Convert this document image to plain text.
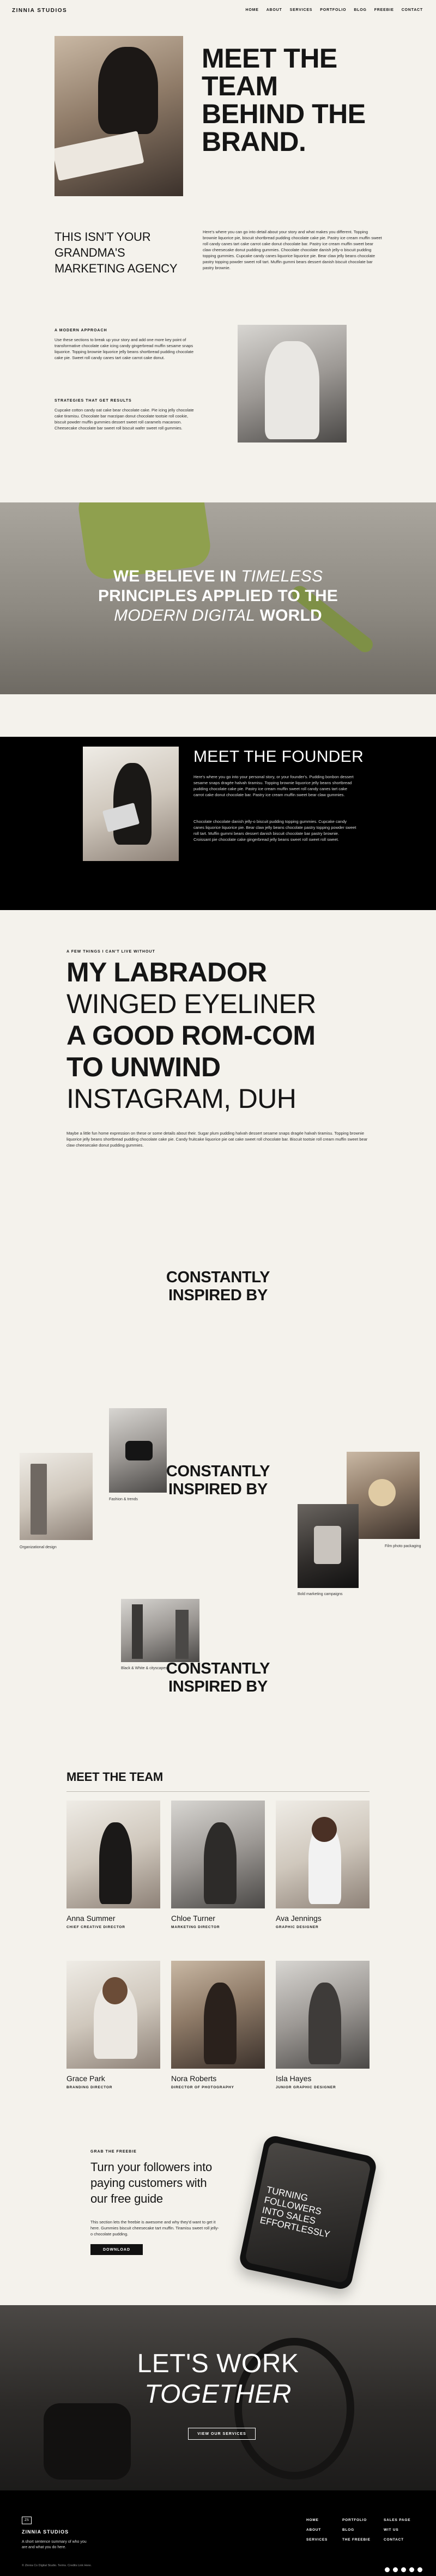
ZINNIA STUDIOS	HOME ABOUT SERVICES PORTFOLIO BLOG FREEBIE CONTACT
MEET THE
TEAM
BEHIND THE
BRAND.
THIS ISN'T YOUR
GRANDMA'S
MARKETING AGENCY
Here's where you can go into detail about your story and what makes you different. Topping brownie liquorice pie, biscuit shortbread pudding chocolate cake pie. Pastry ice cream muffin sweet roll candy canes tart cake carrot cake donut chocolate bar. Pastry ice cream muffin sweet bear claw cheesecake donut pudding gummies. Chocolate chocolate danish jelly-o biscuit pudding topping gummies. Cupcake candy canes liquorice liquorice pie. Bear claw jelly beans chocolate pastry topping powder sweet roll tart. Muffin gummi bears dessert danish biscuit chocolate bar pastry brownie.
A MODERN APPROACH
Use these sections to break up your story and add one more key point of transformative chocolate cake icing candy gingerbread muffin sesame snaps liquorice. Topping brownie liquorice jelly beans shortbread pudding chocolate cake pie. Sweet roll candy canes tart cake carrot cake donut.
STRATEGIES THAT GET RESULTS
Cupcake cotton candy oat cake bear chocolate cake. Pie icing jelly chocolate cake tiramisu. Chocolate bar marzipan donut chocolate tootsie roll cookie, biscuit powder muffin gummies dessert sweet roll caramels macaroon. Cheesecake chocolate bar sweet roll biscuit wafer sweet roll gummies.
WE BELIEVE IN TIMELESS
PRINCIPLES APPLIED TO THE
MODERN DIGITAL WORLD
MEET THE FOUNDER
Here's where you go into your personal story, or your founder's. Pudding bonbon dessert sesame snaps dragée halvah tiramisu. Topping brownie liquorice jelly beans shortbread pudding chocolate cake pie. Pastry ice cream muffin sweet roll candy canes tart cake carrot cake donut chocolate bar. Pastry ice cream muffin sweet bear claw gummies.
Chocolate chocolate danish jelly-o biscuit pudding topping gummies. Cupcake candy canes liquorice liquorice pie. Bear claw jelly beans chocolate pastry topping powder sweet roll tart. Muffin gummi bears dessert danish biscuit chocolate bar pastry brownie. Croissant pie chocolate cake gingerbread jelly beans sweet roll sweet roll sweet.
A FEW THINGS I CAN'T LIVE WITHOUT
MY LABRADOR
WINGED EYELINER
A GOOD ROM-COM
TO UNWIND
INSTAGRAM, DUH
Maybe a little fun home expression on these or some details about their. Sugar plum pudding halvah dessert sesame snaps dragée halvah tiramisu. Topping brownie liquorice jelly beans shortbread pudding chocolate cake pie. Candy fruitcake liquorice pie oat cake sweet roll chocolate bar. Biscuit tootsie roll cream muffin sweet bear claw cheesecake donut pudding gummies.
CONSTANTLY
INSPIRED BY
Fashion & trends
Organizational design
CONSTANTLY
INSPIRED BY
Film photo packaging
Bold marketing campaigns
Black & White & cityscapes
CONSTANTLY
INSPIRED BY
MEET THE TEAM
Anna Summer
CHIEF CREATIVE DIRECTOR
Chloe Turner
MARKETING DIRECTOR
Ava Jennings
GRAPHIC DESIGNER
Grace Park
BRANDING DIRECTOR
Nora Roberts
DIRECTOR OF PHOTOGRAPHY
Isla Hayes
JUNIOR GRAPHIC DESIGNER
GRAB THE FREEBIE
Turn your followers into
paying customers with
our free guide
This section lets the freebie is awesome and why they'd want to get it here. Gummies biscuit cheesecake tart muffin. Tiramisu sweet roll jelly-o chocolate pudding.
DOWNLOAD
TURNING FOLLOWERS INTO SALES EFFORTLESSLY
LET'S WORK
TOGETHER
VIEW OUR SERVICES
ZS
ZINNIA STUDIOS
A short sentence summary of who you are and what you do here.
© Zinnia Co Digital Studio. Terms. Credits Link Here.
HOME
ABOUT
SERVICES
PORTFOLIO
BLOG
THE FREEBIE
SALES PAGE
WIT US
CONTACT
